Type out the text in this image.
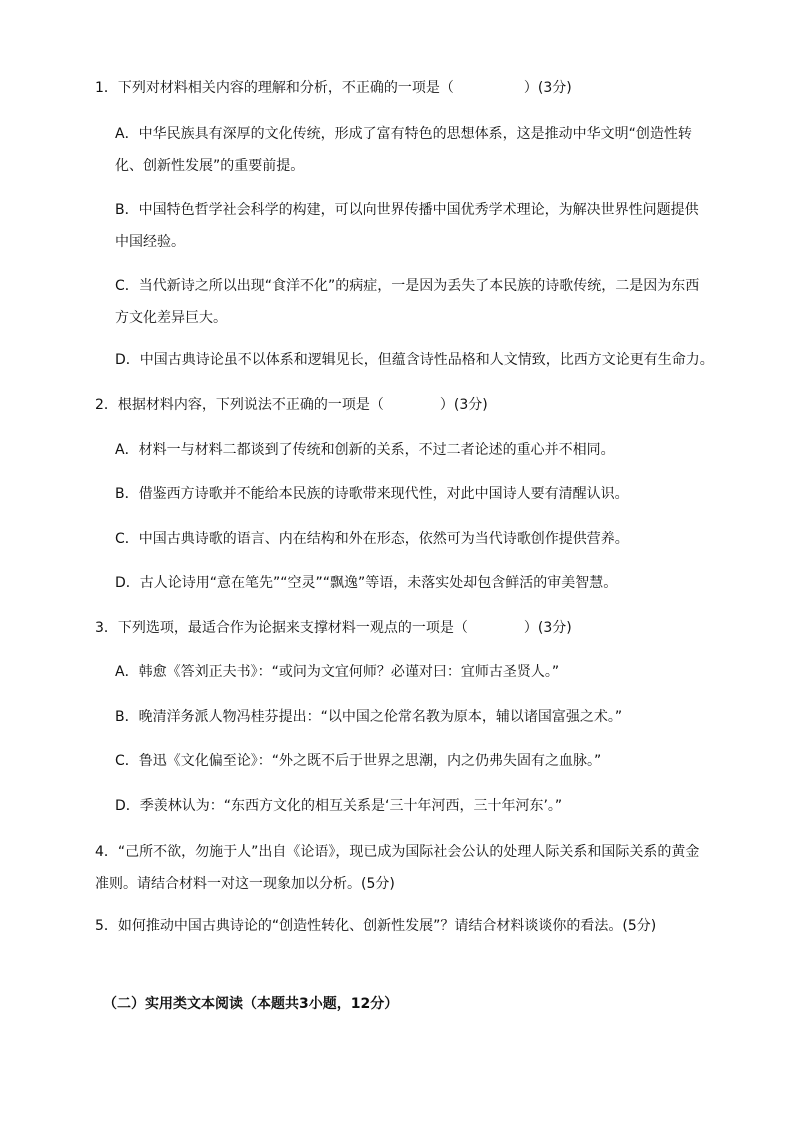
1．下列对材料相关内容的理解和分析，不正确的一项是（　　　　　）(3分)
A．中华民族具有深厚的文化传统，形成了富有特色的思想体系，这是推动中华文明“创造性转化、创新性发展”的重要前提。
B．中国特色哲学社会科学的构建，可以向世界传播中国优秀学术理论，为解决世界性问题提供中国经验。
C．当代新诗之所以出现“食洋不化”的病症，一是因为丢失了本民族的诗歌传统，二是因为东西方文化差异巨大。
D．中国古典诗论虽不以体系和逻辑见长，但蕴含诗性品格和人文情致，比西方文论更有生命力。
2．根据材料内容，下列说法不正确的一项是（　　　　）(3分)
A．材料一与材料二都谈到了传统和创新的关系，不过二者论述的重心并不相同。
B．借鉴西方诗歌并不能给本民族的诗歌带来现代性，对此中国诗人要有清醒认识。
C．中国古典诗歌的语言、内在结构和外在形态，依然可为当代诗歌创作提供营养。
D．古人论诗用“意在笔先”“空灵”“飘逸”等语，未落实处却包含鲜活的审美智慧。
3．下列选项，最适合作为论据来支撑材料一观点的一项是（　　　　）(3分)
A．韩愈《答刘正夫书》：“或问为文宜何师？必谨对曰：宜师古圣贤人。”
B．晚清洋务派人物冯桂芬提出：“以中国之伦常名教为原本，辅以诸国富强之术。”
C．鲁迅《文化偏至论》：“外之既不后于世界之思潮，内之仍弗失固有之血脉。”
D．季羡林认为：“东西方文化的相互关系是‘三十年河西，三十年河东’。”
4．“己所不欲，勿施于人”出自《论语》，现已成为国际社会公认的处理人际关系和国际关系的黄金准则。请结合材料一对这一现象加以分析。(5分)
5．如何推动中国古典诗论的“创造性转化、创新性发展”？请结合材料谈谈你的看法。(5分)
（二）实用类文本阅读（本题共3小题，12分）
